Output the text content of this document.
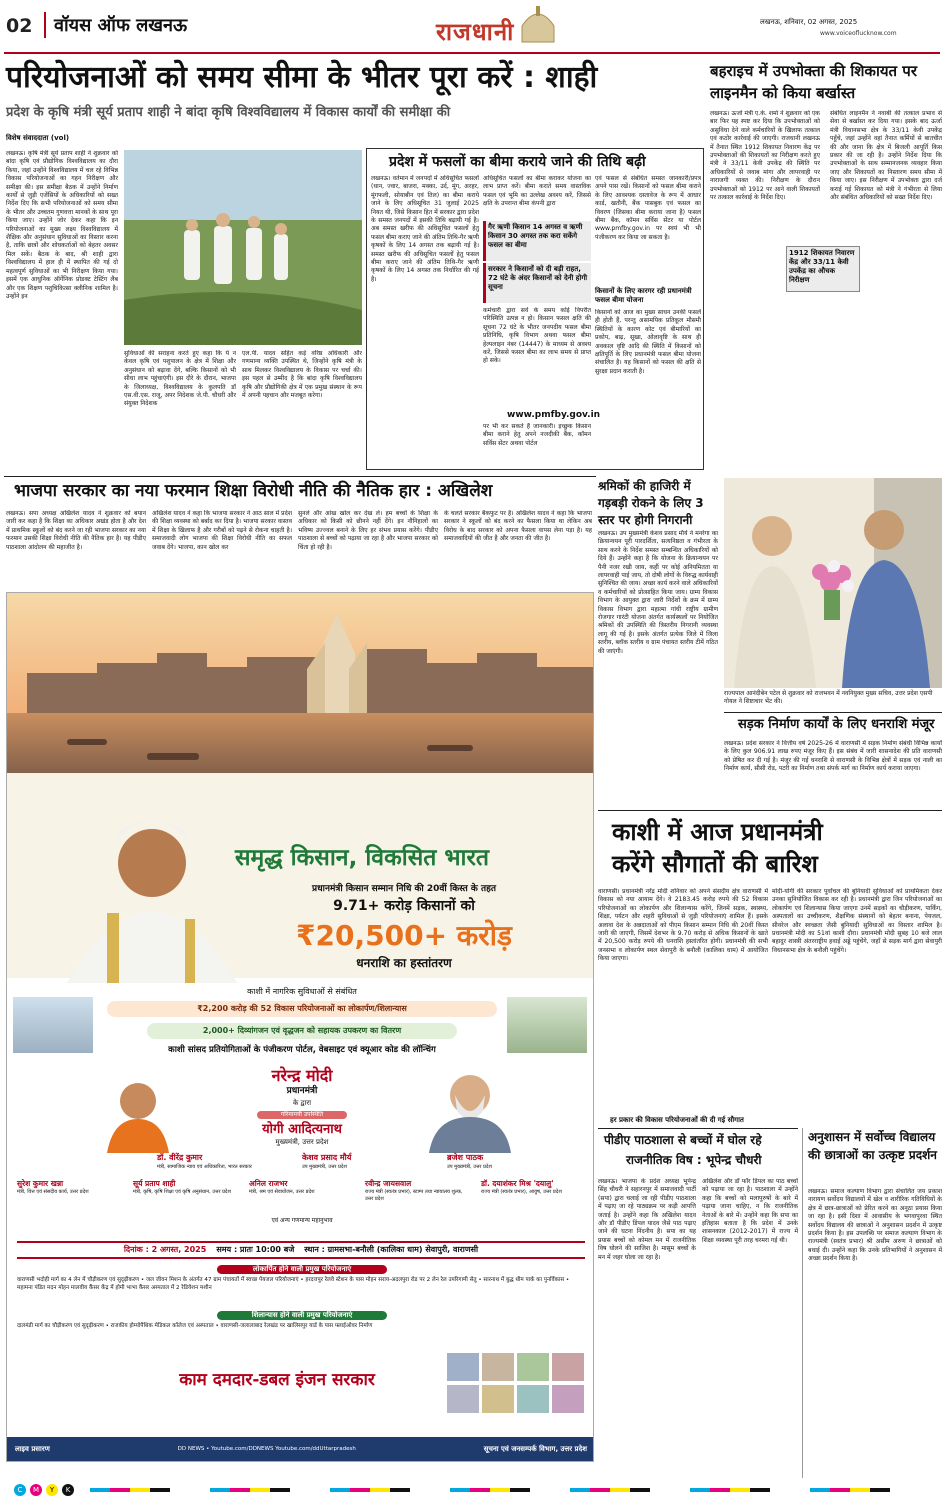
02 वॉयस ऑफ लखनऊ	राजधानी	लखनऊ, शनिवार, 02 अगस्त, 2025
www.voiceoflucknow.com
परियोजनाओं को समय सीमा के भीतर पूरा करें : शाही
प्रदेश के कृषि मंत्री सूर्य प्रताप शाही ने बांदा कृषि विश्वविद्यालय में विकास कार्यों की समीक्षा की
विशेष संवाददाता (vol)
लखनऊ। कृषि मंत्री सूर्य प्रताप शाही ने शुक्रवार को बांदा कृषि एवं प्रौद्योगिक विश्वविद्यालय का दौरा किया, जहां उन्होंने विश्वविद्यालय में चल रहे विभिन्न विकास परियोजनाओं का गहन निरीक्षण और समीक्षा की। इस समीक्षा बैठक में उन्होंने निर्माण कार्यों से जुड़ी एजेंसियों के अधिकारियों को सख्त निर्देश दिए कि सभी परियोजनाओं को समय सीमा के भीतर और उच्चतम गुणवत्ता मानकों के साथ पूरा किया जाए। उन्होंने जोर देकर कहा कि इन परियोजनाओं का मुख्य लक्ष्य विश्वविद्यालय में शैक्षिक और अनुसंधान सुविधाओं का विस्तार करना है, ताकि छात्रों और शोधकर्ताओं को बेहतर अवसर मिल सकें। बैठक के बाद, श्री शाही द्वारा विश्वविद्यालय में हाल ही में स्थापित की गई दो महत्वपूर्ण सुविधाओं का भी निरीक्षण किया गया। इसमें एक आधुनिक ऑर्गेनिक प्रोडक्ट टेस्टिंग लैब और एक शिक्षण पशुचिकित्सा क्लीनिक शामिल है। उन्होंने इन
सुविधाओं की सराहना करते हुए कहा कि ये न केवल कृषि एवं पशुपालन के क्षेत्र में शिक्षा और अनुसंधान को बढ़ावा देंगे, बल्कि किसानों को भी सीधा लाभ पहुंचाएंगी। इस दौरे के दौरान, भाजपा के जिलाध्यक्ष, विश्वविद्यालय के कुलपति डॉ एस.वी.एस. राजू, अपर निदेशक जे.पी. चौधरी और संयुक्त निदेशक
एल.पी. यादव सहित कई वरिष्ठ अधिकारी और गणमान्य व्यक्ति उपस्थित थे, जिन्होंने कृषि मंत्री के साथ मिलकर विश्वविद्यालय के विकास पर चर्चा की। इस पहल से उम्मीद है कि बांदा कृषि विश्वविद्यालय कृषि और प्रौद्योगिकी क्षेत्र में एक प्रमुख संस्थान के रूप में अपनी पहचान और मजबूत करेगा।
प्रदेश में फसलों का बीमा कराये जाने की तिथि बढ़ी
लखनऊ। वर्तमान में जनपदों में अधिसूचित फसलों (धान, ज्वार, बाजरा, मक्का, उर्द, मूंग, अरहर, मूंगफली, सोयाबीन एवं तिल) का बीमा कराये जाने के लिए अधिसूचित 31 जुलाई 2025 नियत थी, जिसे किसान हित में सरकार द्वारा प्रदेश के समस्त जनपदों में इसकी तिथि बढ़ायी गई है। अब समस्त खरीफ की अधिसूचित फसलों हेतु फसल बीमा कराए जाने की अंतिम तिथि-गैर ऋणी कृषकों के लिए 14 अगस्त तक बढ़ायी गई है। समस्त खरीफ की अधिसूचित फसलों हेतु फसल बीमा कराए जाने की अंतिम तिथि-गैर ऋणी कृषकों के लिए 14 अगस्त तक निर्धारित की गई है।
अधिसूचित फसलों का बीमा कराकर योजना का लाभ प्राप्त करें। बीमा कराते समय वास्तविक फसल एवं भूमि का उल्लेख अवश्य करें, जिससे क्षति के उपरान्त बीमा कंपनी द्वारा
गैर ऋणी किसान 14 अगस्त व ऋणी किसान 30 अगस्त तक करा सकेंगे फसल का बीमा
सरकार ने किसानों को दी बड़ी राहत, 72 घंटे के अंदर किसानों को देनी होगी सूचना
कर्मचारी द्वारा सर्वे के समय कोई विपरीत परिस्थिति उत्पन्न न हो। किसान फसल क्षति की सूचना 72 घंटे के भीतर जनपदीय फसल बीमा प्रतिनिधि, कृषि विभाग अथवा फसल बीमा हेल्पलाइन नंबर (14447) के माध्यम से अवश्य करें, जिससे फसल बीमा का लाभ समय से प्राप्त हो सके।
www.pmfby.gov.in
पर भी कर सकते हैं जानकारी। इच्छुक किसान बीमा कराने हेतु अपने नजदीकी बैंक, कॉमन सर्विस सेंटर अथवा पोर्टल
एवं फसल से संबंधित समस्त जानकारी/प्रपत्र अपने पास रखें। किसानों को फसल बीमा कराने के लिए आवश्यक दस्तावेज के रूप में आधार कार्ड, खतौनी, बैंक पासबुक एवं फसल का विवरण (जिसका बीमा कराया जाना है) फसल बीमा बैंक, कॉमन सर्विस सेंटर या पोर्टल www.pmfby.gov.in पर स्वयं भी भी पंजीकरण कर किया जा सकता है।
किसानों के लिए कारगर रही प्रधानमंत्री फसल बीमा योजना
किसानों को आज का मुख्य साधन उनकी फसलें ही होती हैं, परन्तु असामयिक प्रतिकूल मौसमी स्थितियों के कारण कोट एवं बीमारियों का प्रकोप, बाढ़, सूखा, ओलावृष्टि के साथ ही अवकाल वृष्टि आदि की स्थिति में किसानों को क्षतिपूर्ति के लिए प्रधानमंत्री फसल बीमा योजना संचालित है। यह किसानों को फसल की क्षति से सुरक्षा प्रदान कराती है।
बहराइच में उपभोक्ता की शिकायत पर लाइनमैन को किया बर्खास्त
लखनऊ। ऊर्जा मंत्री ए.के. शर्मा ने शुक्रवार को एक बार फिर यह स्पष्ट कर दिया कि उपभोक्ताओं को असुविधा देने वाले कर्मचारियों के खिलाफ तत्काल एवं कठोर कार्रवाई की जाएगी। राजधानी लखनऊ में तैनात स्थित 1912 शिकायत निवारण केंद्र पर उपभोक्ताओं की शिकायतों का निरीक्षण करते हुए मंत्री ने 33/11 केवी उपकेंद्र की स्थिति पर अधिकारियों से जवाब मांगा और लापरवाही पर नाराजगी व्यक्त की। निरीक्षण के दौरान उपभोक्ताओं को 1912 पर आने वाली शिकायतों पर तत्काल कार्रवाई के निर्देश दिए।
1912 शिकायत निवारण केंद्र और 33/11 केवी उपकेंद्र का औचक निरीक्षण
संबंधित लाइनमैन ने नवाबी की तत्काल प्रभाव से सेवा से बर्खास्त कर दिया गया। इसके बाद ऊर्जा मंत्री विधानसभा क्षेत्र के 33/11 केवी उपकेंद्र पहुँचे, जहां उन्होंने वहां तैनात कर्मियों से बातचीत की और जाना कि क्षेत्र में बिजली आपूर्ति किस प्रकार की जा रही है। उन्होंने निर्देश दिया कि उपभोक्ताओं के साथ सम्मानजनक व्यवहार किया जाए और शिकायतों का निस्तारण समय सीमा में किया जाए। इस निरीक्षण में उपभोक्ता द्वारा दर्ज कराई गई शिकायत को मंत्री ने गंभीरता से लिया और संबंधित अधिकारियों को सख्त निर्देश दिए।
भाजपा सरकार का नया फरमान शिक्षा विरोधी नीति की नैतिक हार : अखिलेश
लखनऊ। सपा अध्यक्ष अखिलेश यादव ने शुक्रवार को बयान जारी कर कहा है कि शिक्षा का अधिकार अखंड होता है और देश में प्राथमिक स्कूलों को बंद करने जा रही भाजपा सरकार का नया फरमान उसकी शिक्षा विरोधी नीति की नैतिक हार है। यह पीडीए पाठशाला आंदोलन की महाजीत है।
अखिलेश यादव ने कहा कि भाजपा सरकार ने आठ साल में प्रदेश की शिक्षा व्यवस्था को बर्बाद कर दिया है। भाजपा सरकार वास्तव में शिक्षा के खिलाफ है और गरीबों को पढ़ने से रोकना चाहती है। समाजवादी लोग भाजपा की शिक्षा विरोधी नीति का सफल जवाब देंगे। भाजपा, कान खोल कर
सुनले और आंख खोल कर देख ले। हम बच्चों के शिक्षा के अधिकार को किसी को छीनने नहीं देंगे। इन नौनिहालों का भविष्य उज्ज्वल बनाने के लिए हर संभव प्रयास करेंगे। पीडीए पाठशाला से बच्चों को पढ़ाया जा रहा है और भाजपा सरकार को चिंता हो रही है।
के चलते सरकार बैकफुट पर है। अखिलेश यादव ने कहा कि भाजपा सरकार ने स्कूलों को बंद करने का फैसला किया था लेकिन अब विरोध के बाद सरकार को अपना फैसला वापस लेना पड़ा है। यह समाजवादियों की जीत है और जनता की जीत है।
श्रमिकों की हाजिरी में गड़बड़ी रोकने के लिए 3 स्तर पर होगी निगरानी
लखनऊ। उप मुख्यमंत्री केशव प्रसाद मौर्य ने मनरेगा का क्रियान्वयन पूरी पारदर्शिता, सत्यनिष्ठता व गंभीरता के साथ करने के निर्देश समस्त सम्बन्धित अधिकारियों को दिये हैं। उन्होंने कहा है कि योजना के क्रियान्वयन पर पैनी नजर रखी जाय, कहीं पर कोई अनियमितता या लापरवाही पाई जाय, तो दोषी लोगों के विरुद्ध कार्यवाही सुनिश्चित की जाय। अच्छा कार्य करने वाले अधिकारियों व कर्मचारियों को प्रोत्साहित किया जाय। ग्राम्य विकास विभाग के आयुक्त द्वारा जारी निर्देशों के क्रम में ग्राम्य विकास विभाग द्वारा महात्मा गांधी राष्ट्रीय ग्रामीण रोजगार गारंटी योजना अंतर्गत कार्यस्थलों पर नियोजित श्रमिकों की उपस्थिति की त्रिस्तरीय निगरानी व्यवस्था लागू की गई है। इसके अंतर्गत प्रत्येक जिले में जिला स्तरीय, ब्लॉक स्तरीय व ग्राम पंचायत स्तरीय टीमें गठित की जाएंगी।
राज्यपाल आनंदीबेन पटेल से शुक्रवार को राजभवन में नवनियुक्त मुख्य सचिव, उत्तर प्रदेश एसपी गोयल ने शिष्टाचार भेंट की।
सड़क निर्माण कार्यों के लिए धनराशि मंजूर
लखनऊ। प्रदेश सरकार ने वित्तीय वर्ष 2025-26 में वाराणसी में सड़क निर्माण संबंधी विभिन्न कार्यों के लिए कुल 906.91 लाख रुपए मंजूर किए हैं। इस संबंध में जारी शासनादेश की प्रति वाराणसी को प्रेषित कर दी गई है। मंजूर की गई धनराशि से वाराणसी के विभिन्न क्षेत्रों में सड़क एवं नाली का निर्माण कार्य, सीसी रोड, पटरी का निर्माण तथा संपर्क मार्ग का निर्माण कार्य कराया जाएगा।
काशी में आज प्रधानमंत्री
करेंगे सौगातों की बारिश
वाराणसी। प्रधानमंत्री नरेंद्र मोदी शनिवार को अपने संसदीय क्षेत्र वाराणसी में विकास को नया आयाम देंगे। वे 2183.45 करोड़ रुपये की 52 विकास परियोजनाओं का लोकार्पण और शिलान्यास करेंगे, जिनमें सड़क, स्वास्थ्य, शिक्षा, पर्यटन और शहरी सुविधाओं से जुड़ी परियोजनाएं शामिल हैं। इसके अलावा देश के अन्नदाताओं को पीएम किसान सम्मान निधि की 20वीं किस्त जारी की जाएगी, जिसमें देशभर के 9.70 करोड़ से अधिक किसानों के खाते में 20,500 करोड़ रुपये की धनराशि हस्तांतरित होगी। प्रधानमंत्री की सभी जनसभा व लोकार्पण स्थल सेवापुरी के बनौली (कालिका धाम) में आयोजित किया जाएगा।
मोदी-योगी की सरकार पूर्वांचल की बुनियादी सुविधाओं को प्राथमिकता देकर उनका सुनियोजित विकास कर रही है। प्रधानमंत्री द्वारा जिन परियोजनाओं का लोकार्पण एवं शिलान्यास किया जाएगा उनमें सड़कों का चौड़ीकरण, पार्किंग, अस्पतालों का उच्चीकरण, शैक्षणिक संस्थानों को बेहतर बनाना, पेयजल, सीवरेज और स्वच्छता जैसी बुनियादी सुविधाओं का विस्तार शामिल है। प्रधानमंत्री मोदी का 51वां काशी दौरा। प्रधानमंत्री मोदी सुबह 10 बजे लाल बहादुर शास्त्री अंतरराष्ट्रीय हवाई अड्डे पहुंचेंगे, जहाँ से सड़क मार्ग द्वारा सेवापुरी विधानसभा क्षेत्र के बनौली पहुंचेंगे।
हर प्रकार की विकास परियोजनाओं की दी गई सौगात
पीडीए पाठशाला से बच्चों में घोल रहे
राजनीतिक विष : भूपेन्द्र चौधरी
लखनऊ। भाजपा के प्रदेश अध्यक्ष भूपेन्द्र सिंह चौधरी ने सहारनपुर में समाजवादी पार्टी (सपा) द्वारा चलाई जा रही पीडीए पाठशाला में पढ़ाए जा रहे पाठ्यक्रम पर कड़ी आपत्ति जताई है। उन्होंने कहा कि अखिलेश यादव और डॉ पीडीए डिंपल यादव जैसे पाठ पढ़ाए जाने की घटना निंदनीय है। सपा का यह प्रयास बच्चों को कोमल मन में राजनीतिक विष घोलने की साजिश है। मासूम बच्चों के मन में जहर घोला जा रहा है।
अखिलेश और डॉ फॉर डिंपल का पाठ बच्चों को पढ़ाया जा रहा है। पाठशाला में उन्होंने कहा कि बच्चों को मलापुरुषों के बारे में पढ़ाया जाना चाहिए, न कि राजनीतिक नेताओं के बारे में। उन्होंने कहा कि सपा का इतिहास बताता है कि प्रदेश में उनके शासनकाल (2012-2017) में राज्य में शिक्षा व्यवस्था पूरी तरह चरमरा गई थी।
अनुशासन में सर्वोच्च विद्यालय की छात्राओं का उत्कृष्ट प्रदर्शन
लखनऊ। समाज कल्याण विभाग द्वारा संचालित जय प्रकाश नारायण सर्वोदय विद्यालयों में खेल व शारीरिक गतिविधियों के क्षेत्र में छात्र-छात्राओं को प्रेरित करने का अनूठा प्रयास किया जा रहा है। इसी दिशा में आवासीय के भगवापुरवा स्थित सर्वोदय विद्यालय की छात्राओं ने अनुशासन प्रदर्शन में उत्कृष्ट प्रदर्शन किया है। इस उपलब्धि पर समाज कल्याण विभाग के राज्यमंत्री (स्वतंत्र प्रभार) श्री असीम अरुण ने छात्राओं को बधाई दी। उन्होंने कहा कि उनके प्रतिभागियों ने अनुशासन में अच्छा प्रदर्शन किया है।
समृद्ध किसान, विकसित भारत
प्रधानमंत्री किसान सम्मान निधि की 20वीं किस्त के तहत
9.71+ करोड़ किसानों को
₹20,500+ करोड़
धनराशि का हस्तांतरण
काशी में नागरिक सुविधाओं से संबंधित
₹2,200 करोड़ की 52 विकास परियोजनाओं का लोकार्पण/शिलान्यास
2,000+ दिव्यांगजन एवं वृद्धजन को सहायक उपकरण का वितरण
काशी सांसद प्रतियोगिताओं के पंजीकरण पोर्टल, वेबसाइट एवं क्यूआर कोड की लॉन्चिंग
नरेन्द्र मोदी
प्रधानमंत्री
के द्वारा
गरिमामयी उपस्थिति
योगी आदित्यनाथ
मुख्यमंत्री, उत्तर प्रदेश
डॉ. वीरेंद्र कुमार
मंत्री, सामाजिक न्याय एवं अधिकारिता, भारत सरकार
केशव प्रसाद मौर्य
उप मुख्यमंत्री, उत्तर प्रदेश
ब्रजेश पाठक
उप मुख्यमंत्री, उत्तर प्रदेश
सुरेश कुमार खन्ना
मंत्री, वित्त एवं संसदीय कार्य, उत्तर प्रदेश
सूर्य प्रताप शाही
मंत्री, कृषि, कृषि शिक्षा एवं कृषि अनुसंधान, उत्तर प्रदेश
अनिल राजभर
मंत्री, श्रम एवं सेवायोजन, उत्तर प्रदेश
रवीन्द्र जायसवाल
राज्य मंत्री (स्वतंत्र प्रभार), स्टाम्प तथा न्यायालय शुल्क, उत्तर प्रदेश
डॉ. दयाशंकर मिश्र 'दयालु'
राज्य मंत्री (स्वतंत्र प्रभार), आयुष, उत्तर प्रदेश
एवं अन्य गणमान्य महानुभाव
दिनांक : 2 अगस्त, 2025 समय : प्रातः 10:00 बजे स्थान : ग्रामसभा-बनौली (कालिका धाम) सेवापुरी, वाराणसी
लोकार्पित होने वाली प्रमुख परियोजनाएं
वाराणसी भदोही मार्ग का 4 लेन में चौड़ीकरण एवं सुदृढ़ीकरण • जल जीवन मिशन के अंतर्गत 47 ग्राम पंचायतों में स्वच्छ पेयजल परियोजनाएं • हरदत्तपुर रेलवे स्टेशन के पास मोहन सराय-अदलपुरा रोड पर 2 लेन रेल उपरिगामी सेतु • सारनाथ में बुद्ध थीम पार्क का पुनर्विकास • महामना पंडित मदन मोहन मालवीय कैंसर केंद्र में होमी भाभा कैंसर अस्पताल में 2 रेडियेशन मशीन
शिलान्यास होने वाली प्रमुख परियोजनाएं
दालमंडी मार्ग का चौड़ीकरण एवं सुदृढ़ीकरण • राजकीय होम्योपैथिक मेडिकल कॉलेज एवं अस्पताल • वाराणसी-जलालाबाद रेलखंड पर खालिसपुर यार्ड के पास फ्लाईओवर निर्माण
काम दमदार-डबल इंजन सरकार
लाइव प्रसारण	DD NEWS • Youtube.com/DDNEWS Youtube.com/ddUttarpradesh	सूचना एवं जनसम्पर्क विभाग, उत्तर प्रदेश
C	M	Y	K
